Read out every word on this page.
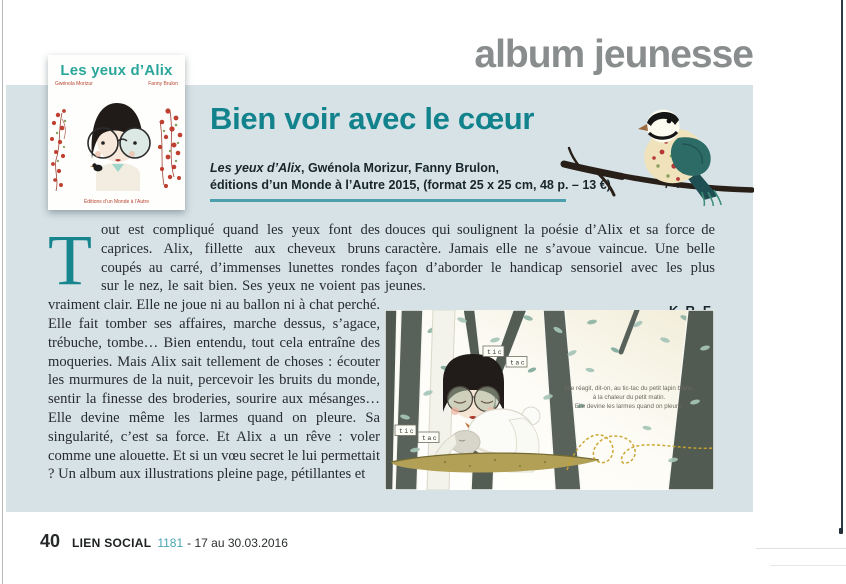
album jeunesse
Les yeux d’Alix
Gwénola Morizur	Fanny Brulon
Éditions d’un Monde à l’Autre
Bien voir avec le cœur
Les yeux d’Alix, Gwénola Morizur, Fanny Brulon,
éditions d’un Monde à l’Autre 2015, (format 25 x 25 cm, 48 p. – 13 €)
Tout est compliqué quand les yeux font des caprices. Alix, fillette aux cheveux bruns coupés au carré, d’immenses lunettes rondes sur le nez, le sait bien. Ses yeux ne voient pas vraiment clair. Elle ne joue ni au ballon ni à chat perché. Elle fait tomber ses affaires, marche dessus, s’agace, trébuche, tombe… Bien entendu, tout cela entraîne des moqueries. Mais Alix sait tellement de choses : écouter les murmures de la nuit, percevoir les bruits du monde, sentir la finesse des broderies, sourire aux mésanges… Elle devine même les larmes quand on pleure. Sa singularité, c’est sa force. Et Alix a un rêve : voler comme une alouette. Et si un vœu secret le lui permettait ? Un album aux illustrations pleine page, pétillantes et
douces qui soulignent la poésie d’Alix et sa force de caractère. Jamais elle ne s’avoue vaincue. Une belle façon d’aborder le handicap sensoriel avec les plus jeunes.
Elle réagit, dit-on, au tic-tac du petit lapin blanc,
à la chaleur du petit matin.
Elle devine les larmes quand on pleure.
tic
tac
tic
tac
40 LIEN SOCIAL 1181 - 17 au 30.03.2016
